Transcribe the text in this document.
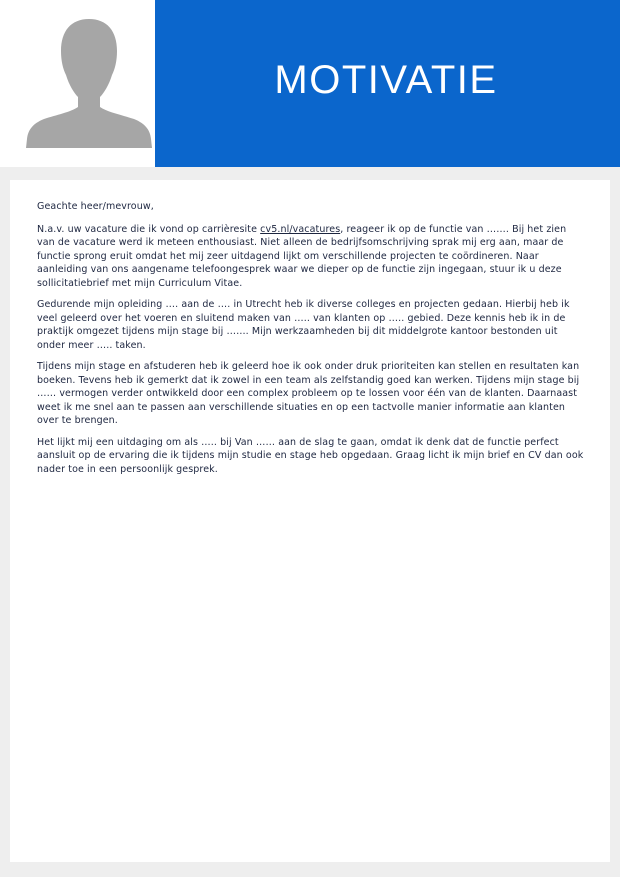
MOTIVATIE

Geachte heer/mevrouw,

N.a.v. uw vacature die ik vond op carrièresite cv5.nl/vacatures, reageer ik op de functie van ……. Bij het zien van de vacature werd ik meteen enthousiast. Niet alleen de bedrijfsomschrijving sprak mij erg aan, maar de functie sprong eruit omdat het mij zeer uitdagend lijkt om verschillende projecten te coördineren. Naar aanleiding van ons aangename telefoongesprek waar we dieper op de functie zijn ingegaan, stuur ik u deze sollicitatiebrief met mijn Curriculum Vitae.

Gedurende mijn opleiding …. aan de …. in Utrecht heb ik diverse colleges en projecten gedaan. Hierbij heb ik veel geleerd over het voeren en sluitend maken van ….. van klanten op ….. gebied. Deze kennis heb ik in de praktijk omgezet tijdens mijn stage bij ……. Mijn werkzaamheden bij dit middelgrote kantoor bestonden uit onder meer ….. taken.

Tijdens mijn stage en afstuderen heb ik geleerd hoe ik ook onder druk prioriteiten kan stellen en resultaten kan boeken. Tevens heb ik gemerkt dat ik zowel in een team als zelfstandig goed kan werken. Tijdens mijn stage bij …… vermogen verder ontwikkeld door een complex probleem op te lossen voor één van de klanten. Daarnaast weet ik me snel aan te passen aan verschillende situaties en op een tactvolle manier informatie aan klanten over te brengen.

Het lijkt mij een uitdaging om als ….. bij Van …… aan de slag te gaan, omdat ik denk dat de functie perfect aansluit op de ervaring die ik tijdens mijn studie en stage heb opgedaan. Graag licht ik mijn brief en CV dan ook nader toe in een persoonlijk gesprek.
